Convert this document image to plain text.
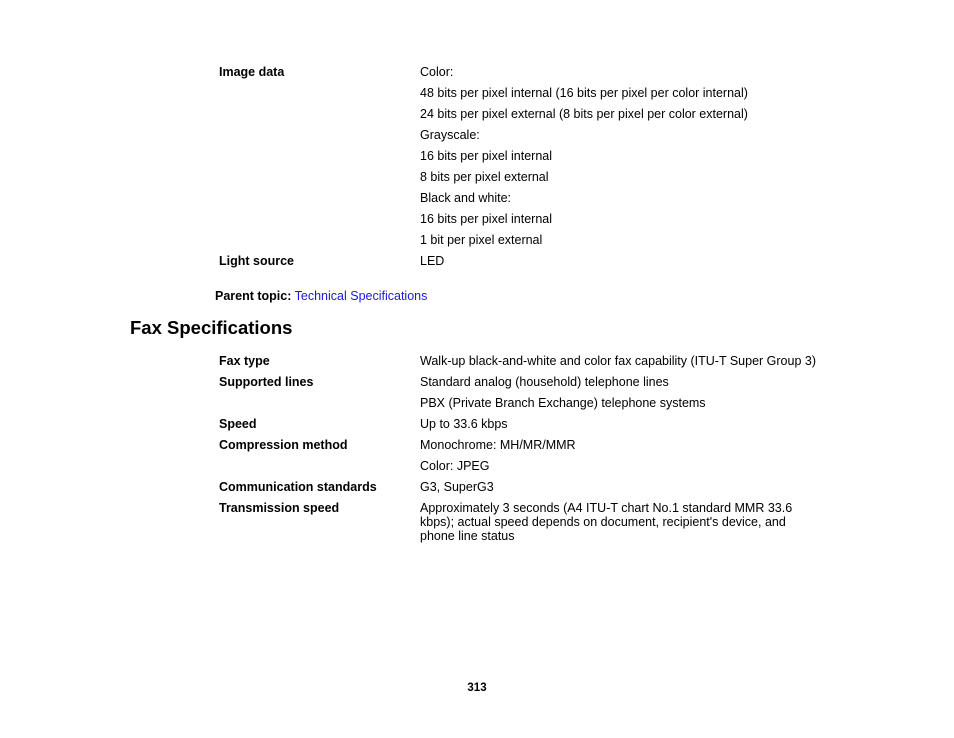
Image data	Color:
48 bits per pixel internal (16 bits per pixel per color internal)
24 bits per pixel external (8 bits per pixel per color external)
Grayscale:
16 bits per pixel internal
8 bits per pixel external
Black and white:
16 bits per pixel internal
1 bit per pixel external
Light source	LED
Parent topic: Technical Specifications
Fax Specifications
Fax type	Walk-up black-and-white and color fax capability (ITU-T Super Group 3)
Supported lines	Standard analog (household) telephone lines
PBX (Private Branch Exchange) telephone systems
Speed	Up to 33.6 kbps
Compression method	Monochrome: MH/MR/MMR
Color: JPEG
Communication standards	G3, SuperG3
Transmission speed	Approximately 3 seconds (A4 ITU-T chart No.1 standard MMR 33.6 kbps); actual speed depends on document, recipient's device, and phone line status
313
